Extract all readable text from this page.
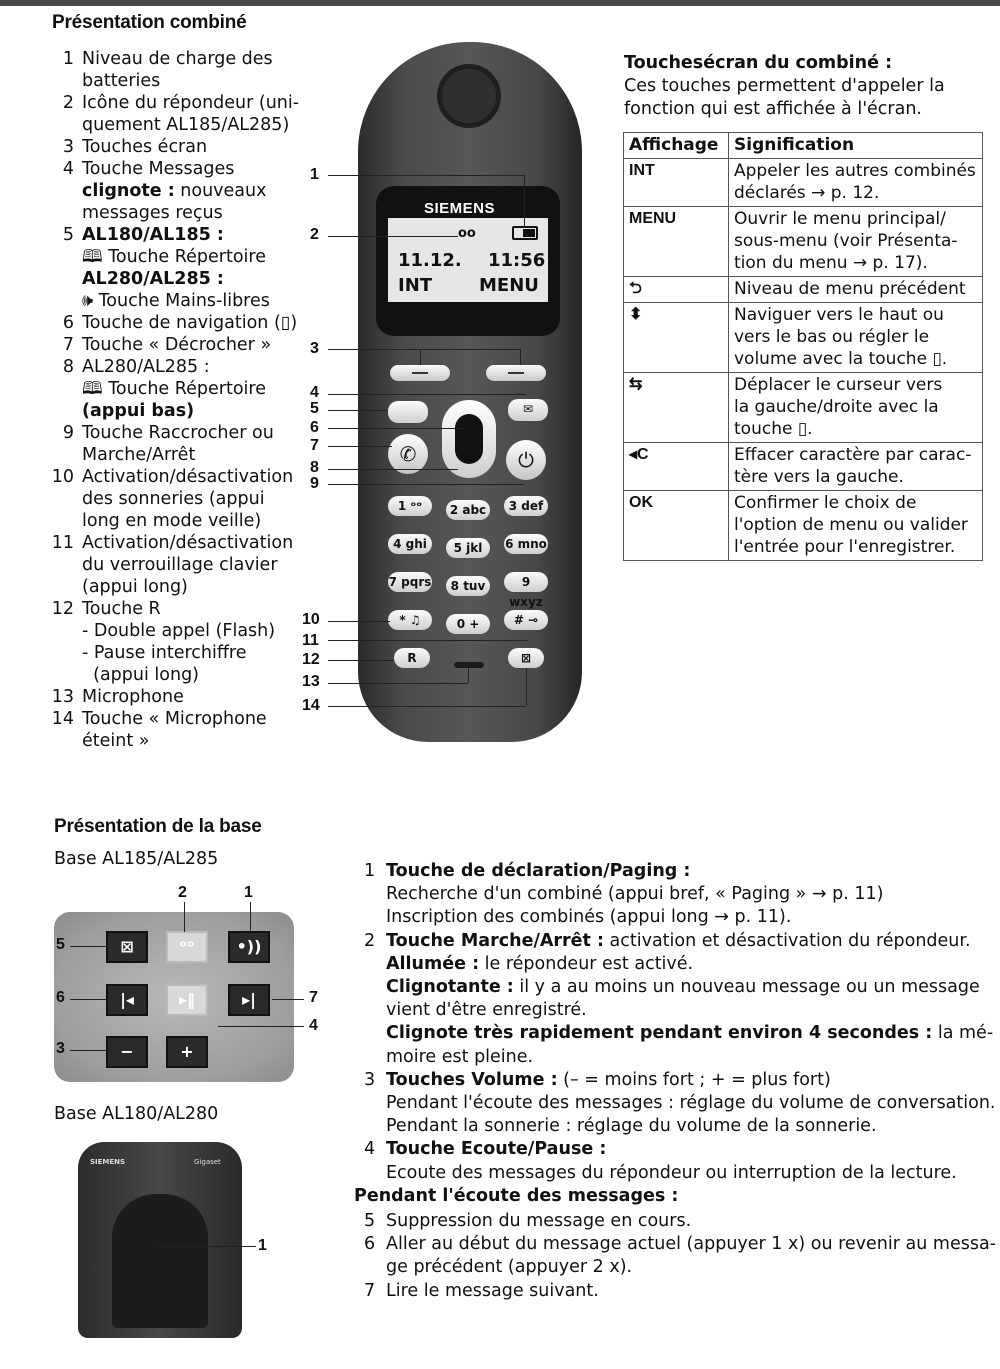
Présentation combiné
1 Niveau de charge des
batteries
2 Icône du répondeur (uni-
quement AL185/AL285)
3 Touches écran
4 Touche Messages
clignote : nouveaux
messages reçus
5 AL180/AL185 :
🕮 Touche Répertoire
AL280/AL285 :
🕪 Touche Mains-libres
6 Touche de navigation (▯)
7 Touche « Décrocher »
8 AL280/AL285 :
🕮 Touche Répertoire
(appui bas)
9 Touche Raccrocher ou
Marche/Arrêt
10 Activation/désactivation
des sonneries (appui
long en mode veille)
11 Activation/désactivation
du verrouillage clavier
(appui long)
12 Touche R
- Double appel (Flash)
- Pause interchiffre
(appui long)
13 Microphone
14 Touche « Microphone
éteint »
SIEMENS
ᴏᴏ
11.12. 11:56
INT	MENU
✉
✆	⏻
1 ᵒᵒ	2 abc	3 def
4 ghi	5 jkl	6 mno
7 pqrs	8 tuv	9 wxyz
* ♫	0 +	# ⊸
R	⊠
1
2
3
4
5
6
7
8
9
10
11
12
13
14
Touchesécran du combiné :
Ces touches permettent d'appeler la
fonction qui est affichée à l'écran.
Affichage	Signification
INT	Appeler les autres combinés
déclarés → p. 12.
MENU	Ouvrir le menu principal/
sous-menu (voir Présenta-
tion du menu → p. 17).
⮌	Niveau de menu précédent
⬍	Naviguer vers le haut ou
vers le bas ou régler le
volume avec la touche ▯.
⇆	Déplacer le curseur vers
la gauche/droite avec la
touche ▯.
◂C	Effacer caractère par carac-
tère vers la gauche.
OK	Confirmer le choix de
l'option de menu ou valider
l'entrée pour l'enregistrer.
Présentation de la base
Base AL185/AL285
⊠	ᵒᵒ	•))
|◂	▸‖	▸|
−	+
2	1
5
6	7
4
3
Base AL180/AL280
SIEMENS	Gigaset
1
1 Touche de déclaration/Paging :
Recherche d'un combiné (appui bref, « Paging » → p. 11)
Inscription des combinés (appui long → p. 11).
2 Touche Marche/Arrêt : activation et désactivation du répondeur.
Allumée : le répondeur est activé.
Clignotante : il y a au moins un nouveau message ou un message
vient d'être enregistré.
Clignote très rapidement pendant environ 4 secondes : la mé-
moire est pleine.
3 Touches Volume : (– = moins fort ; + = plus fort)
Pendant l'écoute des messages : réglage du volume de conversation.
Pendant la sonnerie : réglage du volume de la sonnerie.
4 Touche Ecoute/Pause :
Ecoute des messages du répondeur ou interruption de la lecture.
Pendant l'écoute des messages :
5 Suppression du message en cours.
6 Aller au début du message actuel (appuyer 1 x) ou revenir au messa-
ge précédent (appuyer 2 x).
7 Lire le message suivant.
